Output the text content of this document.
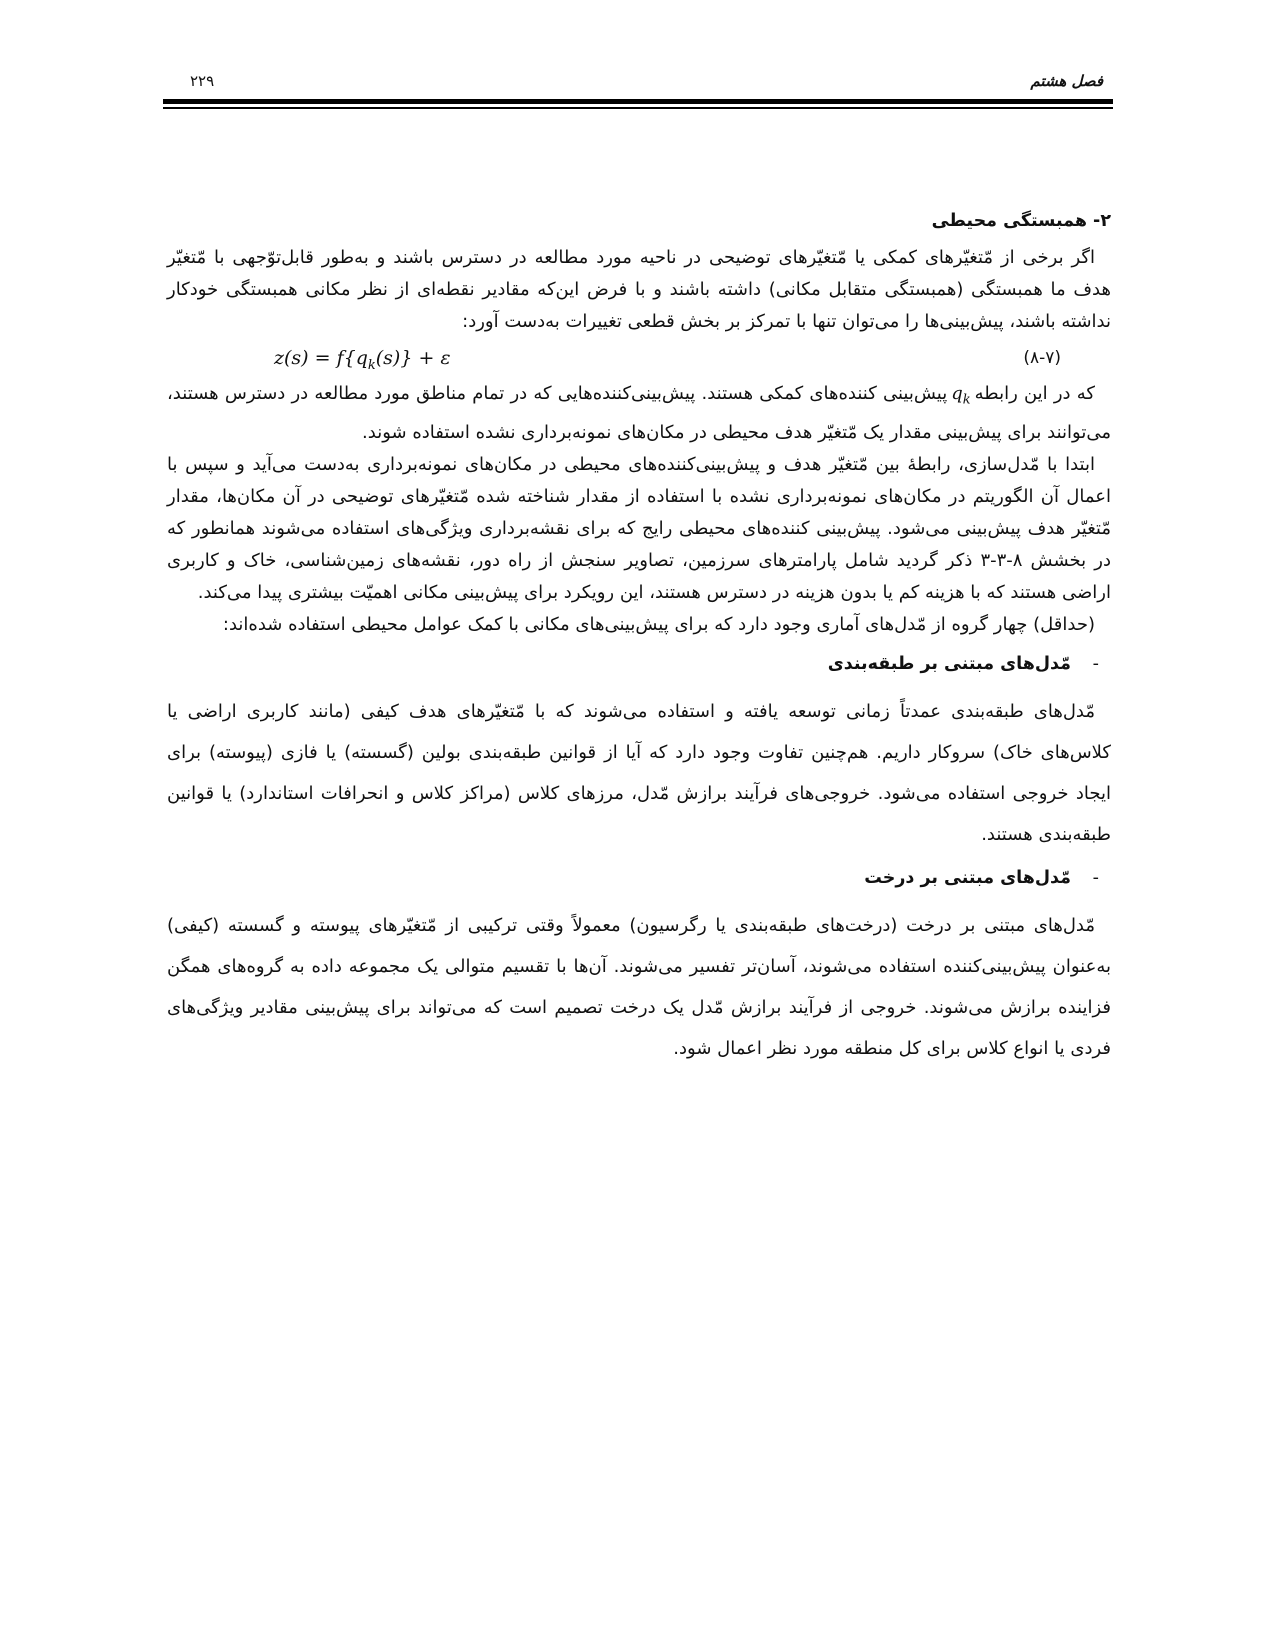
۲۲۹	فصل هشتم
۲- همبستگی محیطی

اگر برخی از مّتغیّرهای کمکی یا مّتغیّرهای توضیحی در ناحیه مورد مطالعه در دسترس باشند و به‌طور قابل‌توّجهی با مّتغیّر هدف ما همبستگی (همبستگی متقابل مکانی) داشته باشند و با فرض این‌که مقادیر نقطه‌ای از نظر مکانی همبستگی خودکار نداشته باشند، پیش‌بینی‌ها را می‌توان تنها با تمرکز بر بخش قطعی تغییرات به‌دست آورد:

$z(s) = f\{q_k(s)\} + \varepsilon$	(۸-۷)

که در این رابطهq$_k$پیش‌بینی کننده‌های کمکی هستند. پیش‌بینی‌کننده‌هایی که در تمام مناطق مورد مطالعه در دسترس هستند، می‌توانند برای پیش‌بینی مقدار یک مّتغیّر هدف محیطی در مکان‌های نمونه‌برداری نشده استفاده شوند.

ابتدا با مّدل‌سازی، رابطۀ بین مّتغیّر هدف و پیش‌بینی‌کننده‌های محیطی در مکان‌های نمونه‌برداری به‌دست می‌آید و سپس با اعمال آن الگوریتم در مکان‌های نمونه‌برداری نشده با استفاده از مقدار شناخته شده مّتغیّرهای توضیحی در آن مکان‌ها، مقدار مّتغیّر هدف پیش‌بینی می‌شود. پیش‌بینی کننده‌های محیطی رایج که برای نقشه‌برداری ویژگی‌های استفاده می‌شوند همانطور که در بخشش ۸-۳-۳ ذکر گردید شامل پارامترهای سرزمین، تصاویر سنجش از راه دور، نقشه‌های زمین‌شناسی، خاک و کاربری اراضی هستند که با هزینه کم یا بدون هزینه در دسترس هستند، این رویکرد برای پیش‌بینی مکانی اهمیّت بیشتری پیدا می‌کند.

(حداقل) چهار گروه از مّدل‌های آماری وجود دارد که برای پیش‌بینی‌های مکانی با کمک عوامل محیطی استفاده شده‌اند:

-مّدل‌های مبتنی بر طبقه‌بندی

مّدل‌های طبقه‌بندی عمدتاً زمانی توسعه یافته و استفاده می‌شوند که با مّتغیّرهای هدف کیفی (مانند کاربری اراضی یا کلاس‌های خاک) سروکار داریم. هم‌چنین تفاوت وجود دارد که آیا از قوانین طبقه‌بندی بولین (گسسته) یا فازی (پیوسته) برای ایجاد خروجی استفاده می‌شود. خروجی‌های فرآیند برازش مّدل، مرزهای کلاس (مراکز کلاس و انحرافات استاندارد) یا قوانین طبقه‌بندی هستند.

-مّدل‌های مبتنی بر درخت

مّدل‌های مبتنی بر درخت (درخت‌های طبقه‌بندی یا رگرسیون) معمولاً وقتی ترکیبی از مّتغیّرهای پیوسته و گسسته (کیفی) به‌عنوان پیش‌بینی‌کننده استفاده می‌شوند، آسان‌تر تفسیر می‌شوند. آن‌ها با تقسیم متوالی یک مجموعه داده به گروه‌های همگن فزاینده برازش می‌شوند. خروجی از فرآیند برازش مّدل یک درخت تصمیم است که می‌تواند برای پیش‌بینی مقادیر ویژگی‌های فردی یا انواع کلاس برای کل منطقه مورد نظر اعمال شود.
